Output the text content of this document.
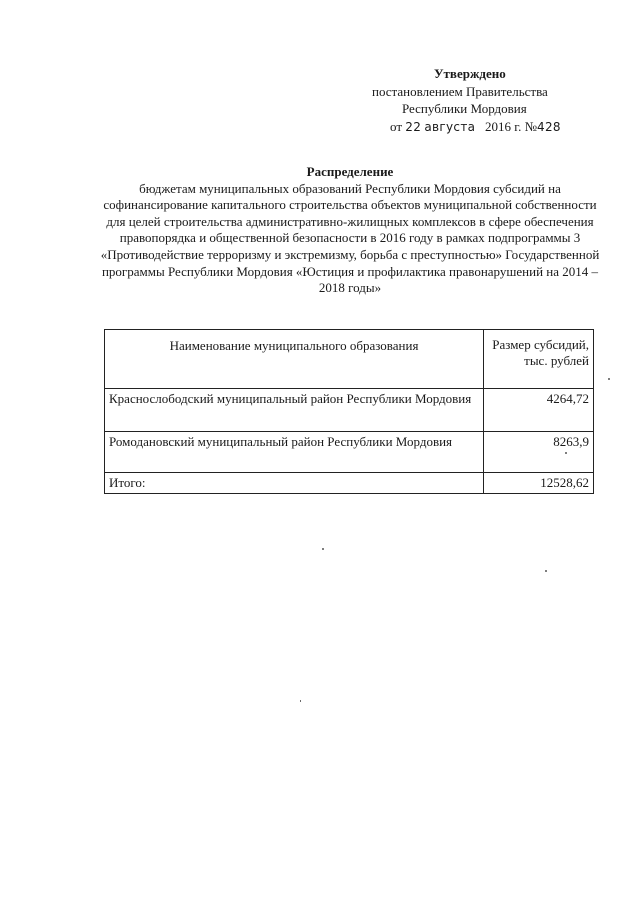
Утверждено
постановлением Правительства
Республики Мордовия
от 22 августа 2016 г. №428
Распределение
бюджетам муниципальных образований Республики Мордовия субсидий на софинансирование капитального строительства объектов муниципальной собственности для целей строительства административно-жилищных комплексов в сфере обеспечения правопорядка и общественной безопасности в 2016 году в рамках подпрограммы 3 «Противодействие терроризму и экстремизму, борьба с преступностью» Государственной программы Республики Мордовия «Юстиция и профилактика правонарушений на 2014 – 2018 годы»
Наименование муниципального образования	Размер субсидий, тыс. рублей
Краснослободский муниципальный район Республики Мордовия	4264,72
Ромодановский муниципальный район Республики Мордовия	8263,9
Итого:	12528,62
